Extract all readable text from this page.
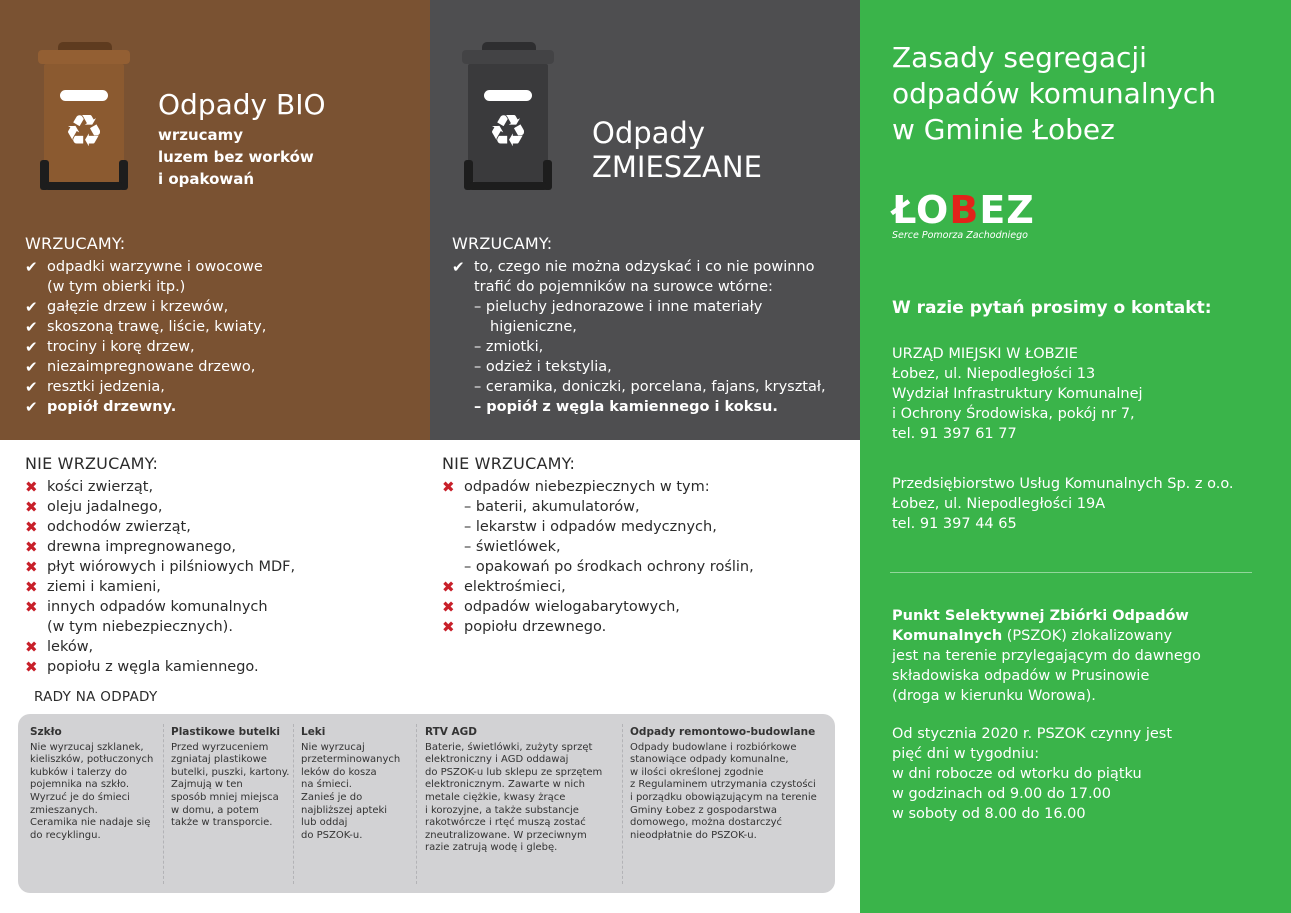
♻
Odpady BIO
wrzucamy
luzem bez worków
i opakowań
WRZUCAMY:
✔ odpadki warzywne i owocowe
(w tym obierki itp.)
✔ gałęzie drzew i krzewów,
✔ skoszoną trawę, liście, kwiaty,
✔ trociny i korę drzew,
✔ niezaimpregnowane drzewo,
✔ resztki jedzenia,
✔ popiół drzewny.
♻ Odpady
ZMIESZANE
WRZUCAMY:
✔ to, czego nie można odzyskać i co nie powinno
trafić do pojemników na surowce wtórne:
– pieluchy jednorazowe i inne materiały
higieniczne,
– zmiotki,
– odzież i tekstylia,
– ceramika, doniczki, porcelana, fajans, kryształ,
– popiół z węgla kamiennego i koksu.
NIE WRZUCAMY:
✖ kości zwierząt,
✖ oleju jadalnego,
✖ odchodów zwierząt,
✖ drewna impregnowanego,
✖ płyt wiórowych i pilśniowych MDF,
✖ ziemi i kamieni,
✖ innych odpadów komunalnych
(w tym niebezpiecznych).
✖ leków,
✖ popiołu z węgla kamiennego.
NIE WRZUCAMY:
✖ odpadów niebezpiecznych w tym:
– baterii, akumulatorów,
– lekarstw i odpadów medycznych,
– świetlówek,
– opakowań po środkach ochrony roślin,
✖ elektrośmieci,
✖ odpadów wielogabarytowych,
✖ popiołu drzewnego.
RADY NA ODPADY
Szkło
Nie wyrzucaj szklanek,
kieliszków, potłuczonych
kubków i talerzy do
pojemnika na szkło.
Wyrzuć je do śmieci
zmieszanych.
Ceramika nie nadaje się
do recyklingu.
Plastikowe butelki
Przed wyrzuceniem
zgniataj plastikowe
butelki, puszki, kartony.
Zajmują w ten
sposób mniej miejsca
w domu, a potem
także w transporcie.
Leki
Nie wyrzucaj
przeterminowanych
leków do kosza
na śmieci.
Zanieś je do
najbliższej apteki
lub oddaj
do PSZOK-u.
RTV AGD
Baterie, świetlówki, zużyty sprzęt
elektroniczny i AGD oddawaj
do PSZOK-u lub sklepu ze sprzętem
elektronicznym. Zawarte w nich
metale ciężkie, kwasy żrące
i korozyjne, a także substancje
rakotwórcze i rtęć muszą zostać
zneutralizowane. W przeciwnym
razie zatrują wodę i glebę.
Odpady remontowo-budowlane
Odpady budowlane i rozbiórkowe
stanowiące odpady komunalne,
w ilości określonej zgodnie
z Regulaminem utrzymania czystości
i porządku obowiązującym na terenie
Gminy Łobez z gospodarstwa
domowego, można dostarczyć
nieodpłatnie do PSZOK-u.
Zasady segregacji
odpadów komunalnych
w Gminie Łobez
ŁOBEZ
Serce Pomorza Zachodniego
W razie pytań prosimy o kontakt:
URZĄD MIEJSKI W ŁOBZIE
Łobez, ul. Niepodległości 13
Wydział Infrastruktury Komunalnej
i Ochrony Środowiska, pokój nr 7,
tel. 91 397 61 77
Przedsiębiorstwo Usług Komunalnych Sp. z o.o.
Łobez, ul. Niepodległości 19A
tel. 91 397 44 65
Punkt Selektywnej Zbiórki Odpadów
Komunalnych (PSZOK) zlokalizowany
jest na terenie przylegającym do dawnego
składowiska odpadów w Prusinowie
(droga w kierunku Worowa).
Od stycznia 2020 r. PSZOK czynny jest
pięć dni w tygodniu:
w dni robocze od wtorku do piątku
w godzinach od 9.00 do 17.00
w soboty od 8.00 do 16.00
